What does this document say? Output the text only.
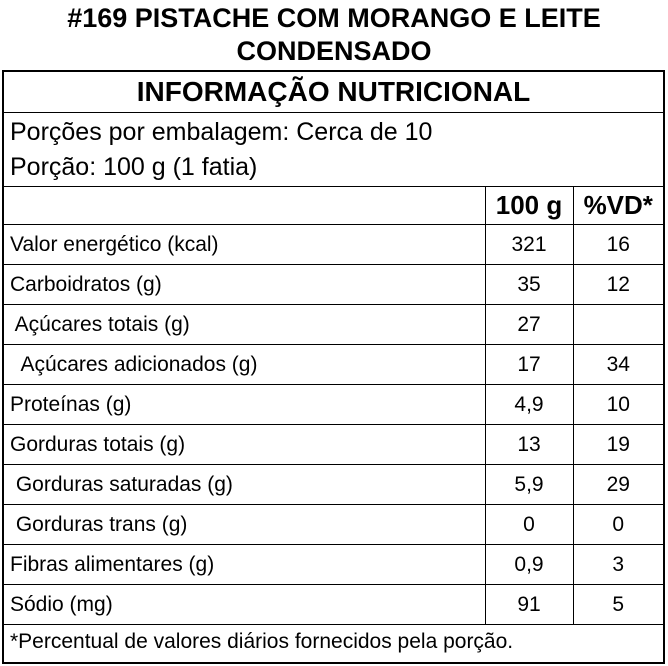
#169 PISTACHE COM MORANGO E LEITE CONDENSADO
INFORMAÇÃO NUTRICIONAL
Porções por embalagem: Cerca de 10
Porção: 100 g (1 fatia)
	100 g	%VD*
Valor energético (kcal)	321	16
Carboidratos (g)	35	12
Açúcares totais (g)	27	
Açúcares adicionados (g)	17	34
Proteínas (g)	4,9	10
Gorduras totais (g)	13	19
Gorduras saturadas (g)	5,9	29
Gorduras trans (g)	0	0
Fibras alimentares (g)	0,9	3
Sódio (mg)	91	5
*Percentual de valores diários fornecidos pela porção.
